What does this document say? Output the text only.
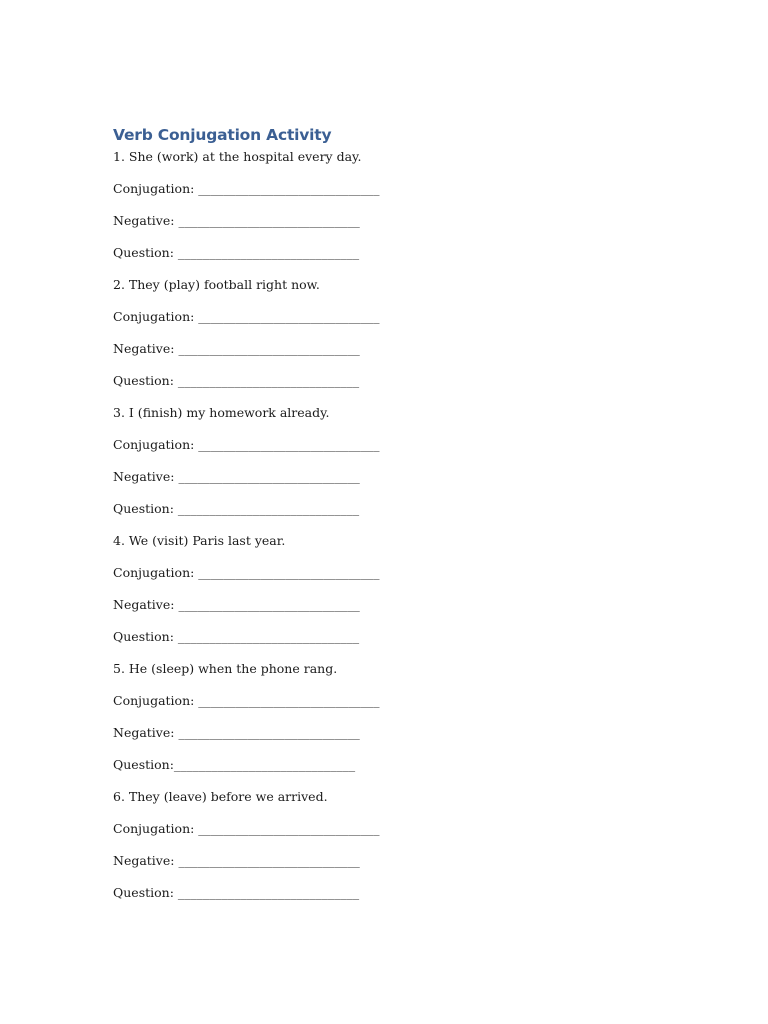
Verb Conjugation Activity

1. She (work) at the hospital every day.

Conjugation: _____________________________

Negative: _____________________________

Question: _____________________________

2. They (play) football right now.

Conjugation: _____________________________

Negative: _____________________________

Question: _____________________________

3. I (finish) my homework already.

Conjugation: _____________________________

Negative: _____________________________

Question: _____________________________

4. We (visit) Paris last year.

Conjugation: _____________________________

Negative: _____________________________

Question: _____________________________

5. He (sleep) when the phone rang.

Conjugation: _____________________________

Negative: _____________________________

Question:_____________________________

6. They (leave) before we arrived.

Conjugation: _____________________________

Negative: _____________________________

Question: _____________________________
